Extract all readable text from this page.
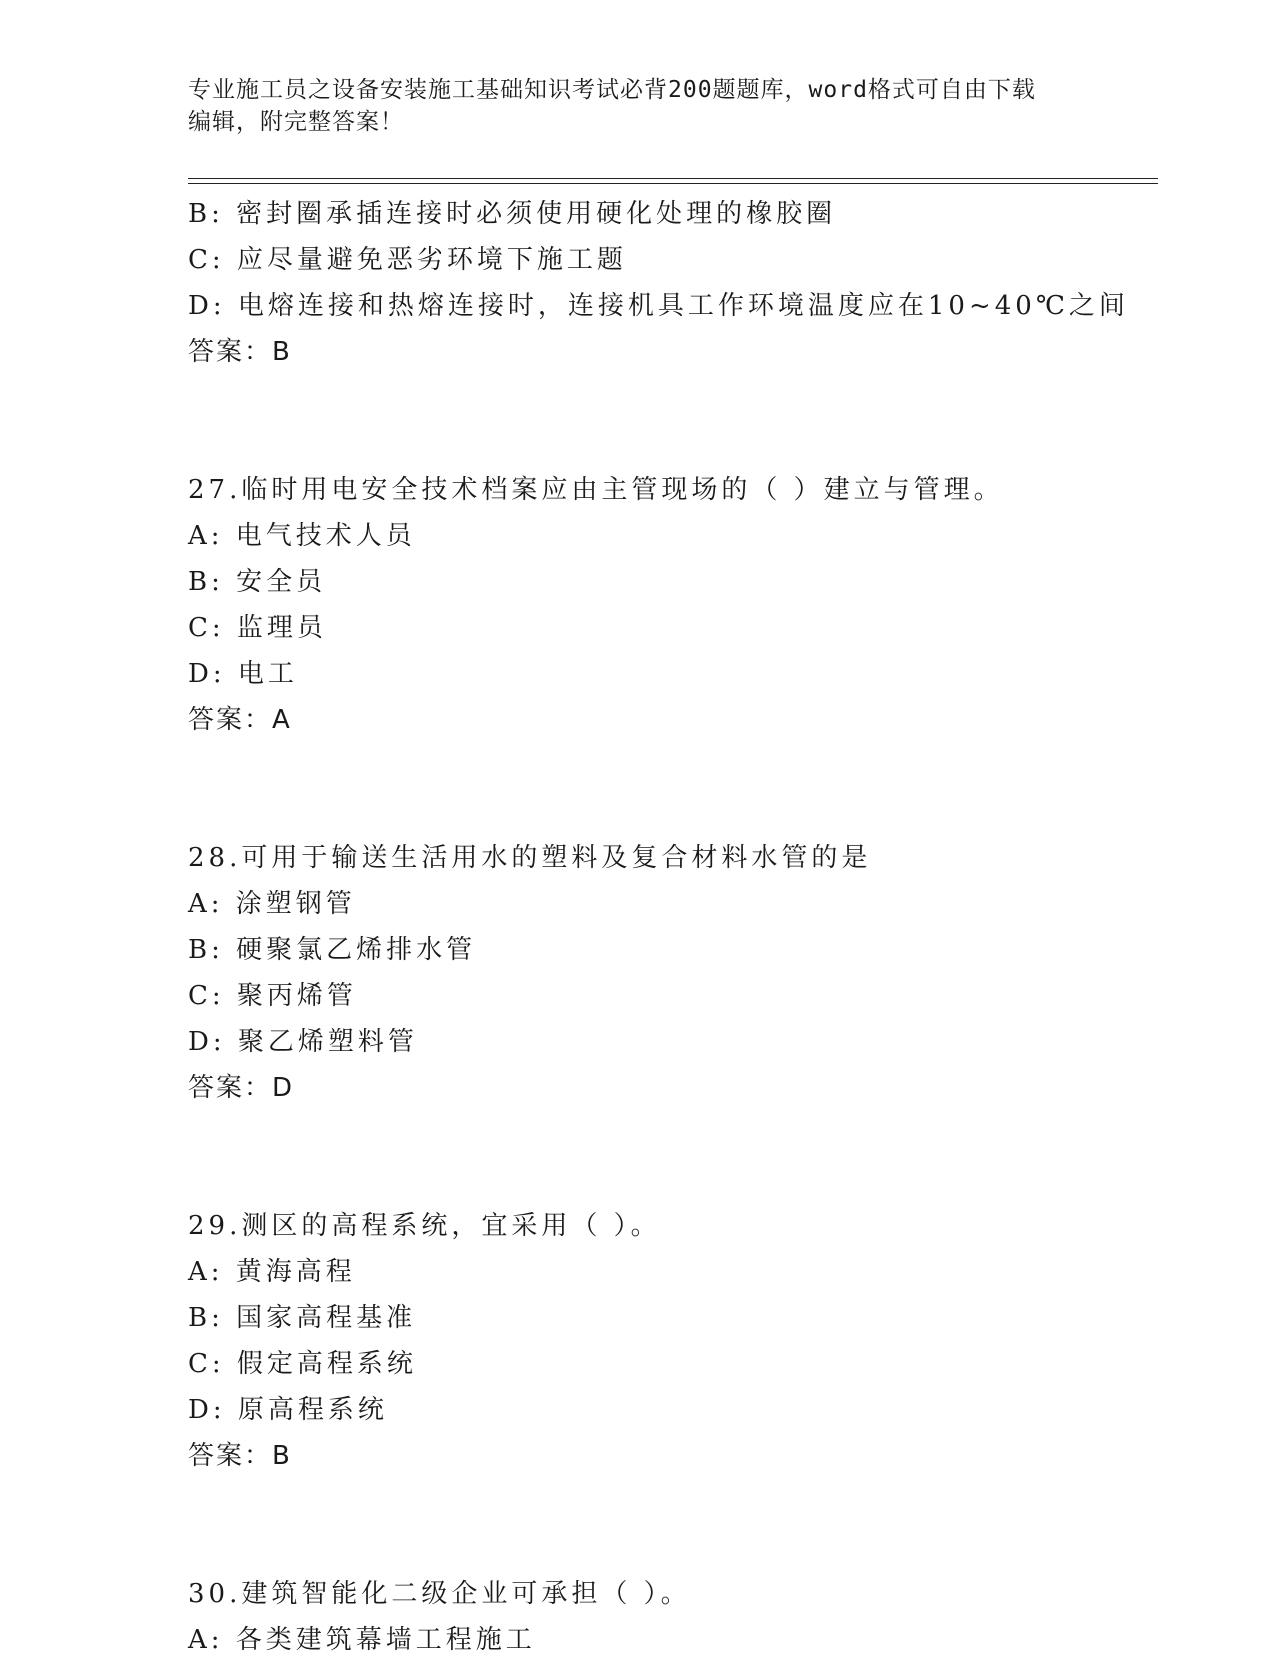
专业施工员之设备安装施工基础知识考试必背200题题库，word格式可自由下载
编辑，附完整答案！
B: 密封圈承插连接时必须使用硬化处理的橡胶圈
C: 应尽量避免恶劣环境下施工题
D: 电熔连接和热熔连接时，连接机具工作环境温度应在10~40℃之间
答案：B
27.临时用电安全技术档案应由主管现场的（ ）建立与管理。
A: 电气技术人员
B: 安全员
C: 监理员
D: 电工
答案：A
28.可用于输送生活用水的塑料及复合材料水管的是
A: 涂塑钢管
B: 硬聚氯乙烯排水管
C: 聚丙烯管
D: 聚乙烯塑料管
答案：D
29.测区的高程系统，宜采用（ ）。
A: 黄海高程
B: 国家高程基准
C: 假定高程系统
D: 原高程系统
答案：B
30.建筑智能化二级企业可承担（ ）。
A: 各类建筑幕墙工程施工
